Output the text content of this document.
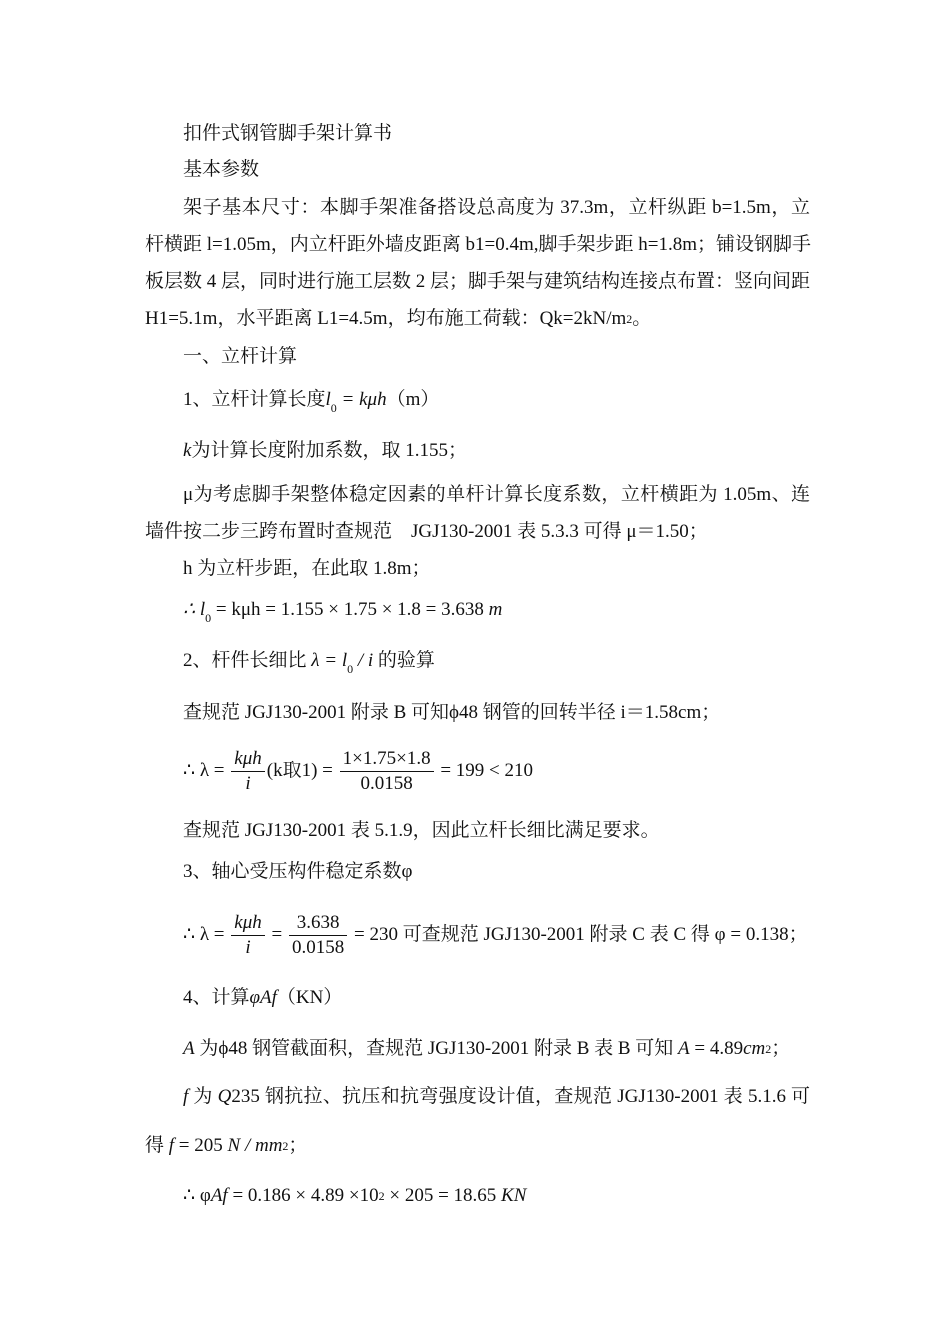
扣件式钢管脚手架计算书
基本参数
架子基本尺寸：本脚手架准备搭设总高度为 37.3m，立杆纵距 b=1.5m，立
杆横距 l=1.05m，内立杆距外墙皮距离 b1=0.4m,脚手架步距 h=1.8m；铺设钢脚手
板层数 4 层，同时进行施工层数 2 层；脚手架与建筑结构连接点布置：竖向间距
H1=5.1m，水平距离 L1=4.5m，均布施工荷载：Qk=2kN/m2。
一、立杆计算
1、立杆计算长度$l_0 = k\mu h(m)$
k为计算长度附加系数，取 1.155；
μ为考虑脚手架整体稳定因素的单杆计算长度系数，立杆横距为 1.05m、连
墙件按二步三跨布置时查规范　JGJ130-2001 表 5.3.3 可得 μ＝1.50；
h 为立杆步距，在此取 1.8m；
∴ $l_0 = k\mu h = 1.155 \times 1.75 \times 1.8 = 3.638$ m
2、杆件长细比 $\lambda = l_0 / i$ 的验算
查规范 JGJ130-2001 附录 B 可知ϕ48 钢管的回转半径 i＝1.58cm；
∴ $\lambda = \frac{\text{kμh}}{i} (k$取$1) = \frac{1\times 1.75\times 1.8}{0.0158} = 199 < 210$
查规范 JGJ130-2001 表 5.1.9，因此立杆长细比满足要求。
3、轴心受压构件稳定系数φ
∴ $\lambda = \frac{\text{kμh}}{i} = \frac{3.638}{0.0158} = 230$ 可查规范 JGJ130-2001 附录 C 表 C 得 φ = 0.138；
4、计算φAf（KN）
A 为ϕ48 钢管截面积，查规范 JGJ130-2001 附录 B 表 B 可知 A = 4.89cm2；
f 为 Q235 钢抗拉、抗压和抗弯强度设计值，查规范 JGJ130-2001 表 5.1.6 可
得 f = 205 N / mm2；
∴ φAf = 0.186 × 4.89 ×102 × 205 = 18.65 KN
